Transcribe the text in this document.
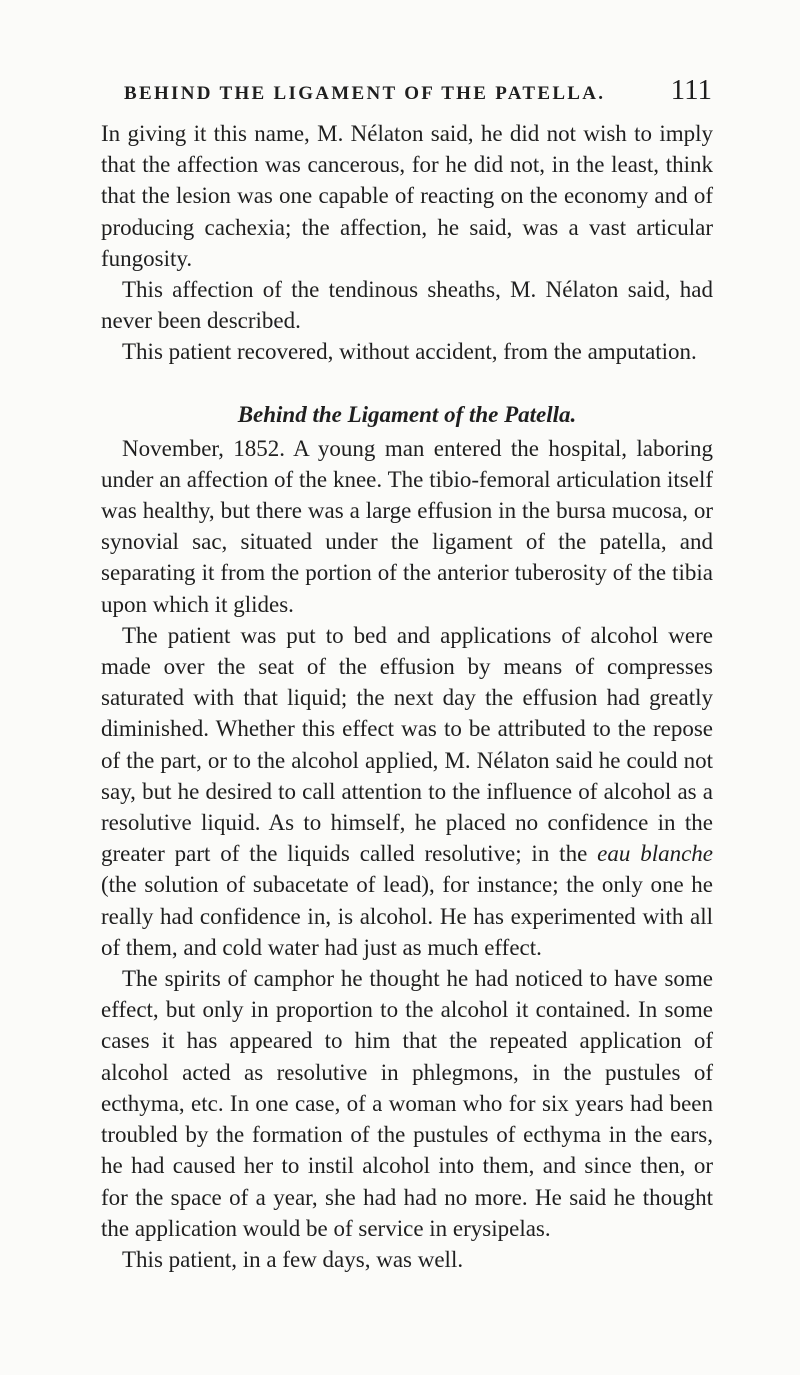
BEHIND THE LIGAMENT OF THE PATELLA. 111

In giving it this name, M. Nélaton said, he did not wish to imply that the affection was cancerous, for he did not, in the least, think that the lesion was one capable of reacting on the economy and of producing cachexia; the affection, he said, was a vast articular fungosity.

This affection of the tendinous sheaths, M. Nélaton said, had never been described.

This patient recovered, without accident, from the amputation.

Behind the Ligament of the Patella.

November, 1852. A young man entered the hospital, laboring under an affection of the knee. The tibio-femoral articulation itself was healthy, but there was a large effusion in the bursa mucosa, or synovial sac, situated under the ligament of the patella, and separating it from the portion of the anterior tuberosity of the tibia upon which it glides.

The patient was put to bed and applications of alcohol were made over the seat of the effusion by means of compresses saturated with that liquid; the next day the effusion had greatly diminished. Whether this effect was to be attributed to the repose of the part, or to the alcohol applied, M. Nélaton said he could not say, but he desired to call attention to the influence of alcohol as a resolutive liquid. As to himself, he placed no confidence in the greater part of the liquids called resolutive; in the eau blanche (the solution of subacetate of lead), for instance; the only one he really had confidence in, is alcohol. He has experimented with all of them, and cold water had just as much effect.

The spirits of camphor he thought he had noticed to have some effect, but only in proportion to the alcohol it contained. In some cases it has appeared to him that the repeated application of alcohol acted as resolutive in phlegmons, in the pustules of ecthyma, etc. In one case, of a woman who for six years had been troubled by the formation of the pustules of ecthyma in the ears, he had caused her to instil alcohol into them, and since then, or for the space of a year, she had had no more. He said he thought the application would be of service in erysipelas.

This patient, in a few days, was well.
